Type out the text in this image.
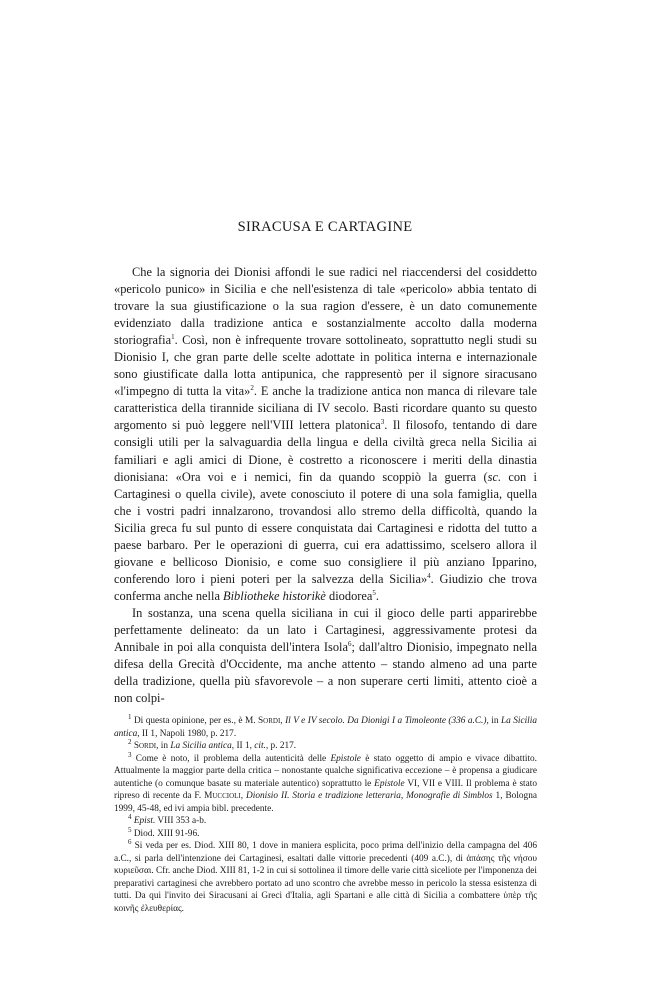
SIRACUSA E CARTAGINE

Che la signoria dei Dionisi affondi le sue radici nel riaccendersi del cosiddetto «pericolo punico» in Sicilia e che nell'esistenza di tale «pericolo» abbia tentato di trovare la sua giustificazione o la sua ragion d'essere, è un dato comunemente evidenziato dalla tradizione antica e sostanzialmente accolto dalla moderna storiografia$^1$. Così, non è infrequente trovare sottolineato, soprattutto negli studi su Dionisio I, che gran parte delle scelte adottate in politica interna e internazionale sono giustificate dalla lotta antipunica, che rappresentò per il signore siracusano «l'impegno di tutta la vita»$^2$. E anche la tradizione antica non manca di rilevare tale caratteristica della tirannide siciliana di IV secolo. Basti ricordare quanto su questo argomento si può leggere nell'VIII lettera platonica$^3$. Il filosofo, tentando di dare consigli utili per la salvaguardia della lingua e della civiltà greca nella Sicilia ai familiari e agli amici di Dione, è costretto a riconoscere i meriti della dinastia dionisiana: «Ora voi e i nemici, fin da quando scoppiò la guerra (sc. con i Cartaginesi o quella civile), avete conosciuto il potere di una sola famiglia, quella che i vostri padri innalzarono, trovandosi allo stremo della difficoltà, quando la Sicilia greca fu sul punto di essere conquistata dai Cartaginesi e ridotta del tutto a paese barbaro. Per le operazioni di guerra, cui era adattissimo, scelsero allora il giovane e bellicoso Dionisio, e come suo consigliere il più anziano Ipparino, conferendo loro i pieni poteri per la salvezza della Sicilia»$^4$. Giudizio che trova conferma anche nella Bibliotheke historikè diodorea$^5$.

In sostanza, una scena quella siciliana in cui il gioco delle parti apparirebbe perfettamente delineato: da un lato i Cartaginesi, aggressivamente protesi da Annibale in poi alla conquista dell'intera Isola$^6$; dall'altro Dionisio, impegnato nella difesa della Grecità d'Occidente, ma anche attento – stando almeno ad una parte della tradizione, quella più sfavorevole – a non superare certi limiti, attento cioè a non colpi-

$^1$ Di questa opinione, per es., è M. Sordi, Il V e IV secolo. Da Dionigi I a Timoleonte (336 a.C.), in La Sicilia antica, II 1, Napoli 1980, p. 217.

$^2$ Sordi, in La Sicilia antica, II 1, cit., p. 217.

$^3$ Come è noto, il problema della autenticità delle Epistole è stato oggetto di ampio e vivace dibattito. Attualmente la maggior parte della critica – nonostante qualche significativa eccezione – è propensa a giudicare autentiche (o comunque basate su materiale autentico) soprattutto le Epistole VI, VII e VIII. Il problema è stato ripreso di recente da F. Muccioli, Dionisio II. Storia e tradizione letteraria, Monografie di Simblos 1, Bologna 1999, 45-48, ed ivi ampia bibl. precedente.

$^4$ Epist. VIII 353 a-b.

$^5$ Diod. XIII 91-96.

$^6$ Si veda per es. Diod. XIII 80, 1 dove in maniera esplicita, poco prima dell'inizio della campagna del 406 a.C., si parla dell'intenzione dei Cartaginesi, esaltati dalle vittorie precedenti (409 a.C.), di ἁπάσης τῆς νήσου κυριεῦσαι. Cfr. anche Diod. XIII 81, 1-2 in cui si sottolinea il timore delle varie città siceliote per l'imponenza dei preparativi cartaginesi che avrebbero portato ad uno scontro che avrebbe messo in pericolo la stessa esistenza di tutti. Da qui l'invito dei Siracusani ai Greci d'Italia, agli Spartani e alle città di Sicilia a combattere ὑπὲρ τῆς κοινῆς ἐλευθερίας.
